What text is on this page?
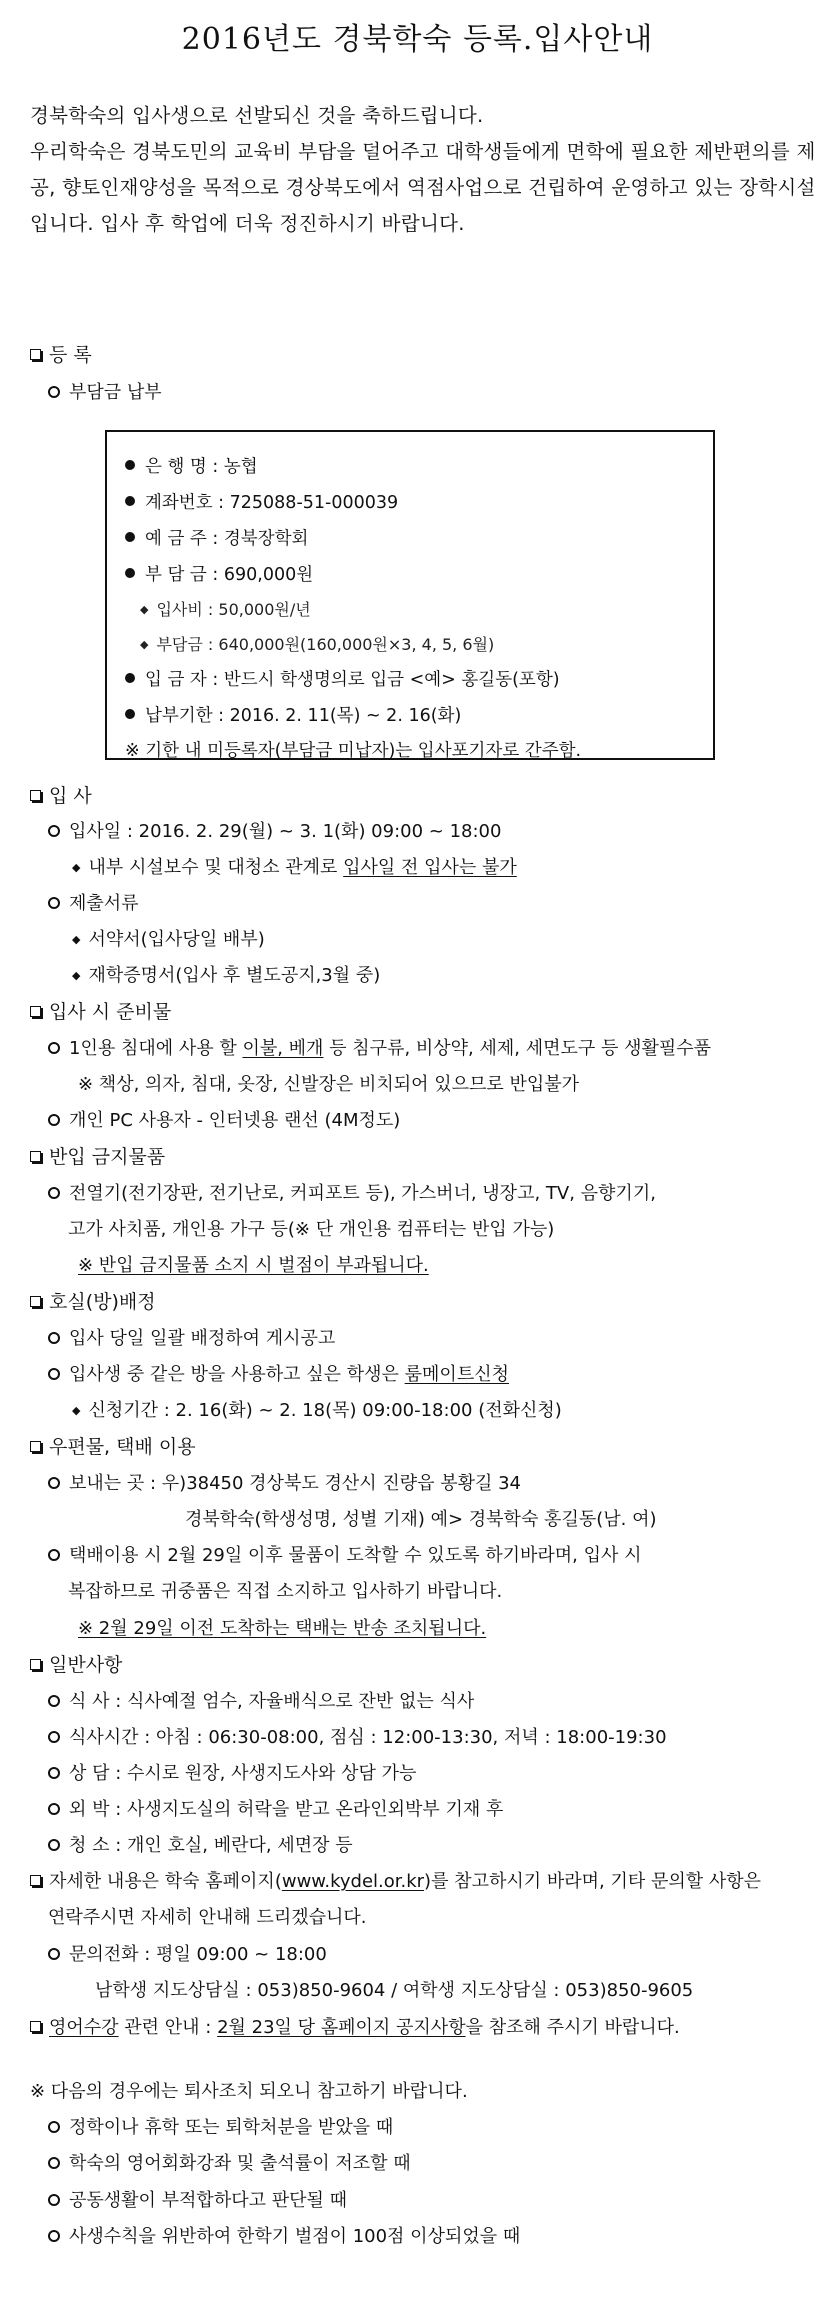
2016년도 경북학숙 등록.입사안내

경북학숙의 입사생으로 선발되신 것을 축하드립니다.

우리학숙은 경북도민의 교육비 부담을 덜어주고 대학생들에게 면학에 필요한 제반편의를 제공, 향토인재양성을 목적으로 경상북도에서 역점사업으로 건립하여 운영하고 있는 장학시설입니다. 입사 후 학업에 더욱 정진하시기 바랍니다.

등 록
부담금 납부
은 행 명 : 농협
계좌번호 : 725088-51-000039
예 금 주 : 경북장학회
부 담 금 : 690,000원
◆ 입사비 : 50,000원/년
◆ 부담금 : 640,000원(160,000원×3, 4, 5, 6월)
입 금 자 : 반드시 학생명의로 입금 <예> 홍길동(포항)
납부기한 : 2016. 2. 11(목) ~ 2. 16(화)
※ 기한 내 미등록자(부담금 미납자)는 입사포기자로 간주함.
입 사
입사일 : 2016. 2. 29(월) ~ 3. 1(화) 09:00 ~ 18:00
◆ 내부 시설보수 및 대청소 관계로 입사일 전 입사는 불가
제출서류
◆ 서약서(입사당일 배부)
◆ 재학증명서(입사 후 별도공지,3월 중)
입사 시 준비물
1인용 침대에 사용 할 이불, 베개 등 침구류, 비상약, 세제, 세면도구 등 생활필수품
※ 책상, 의자, 침대, 옷장, 신발장은 비치되어 있으므로 반입불가
개인 PC 사용자 - 인터넷용 랜선 (4M정도)
반입 금지물품
전열기(전기장판, 전기난로, 커피포트 등), 가스버너, 냉장고, TV, 음향기기,
고가 사치품, 개인용 가구 등(※ 단 개인용 컴퓨터는 반입 가능)
※ 반입 금지물품 소지 시 벌점이 부과됩니다.
호실(방)배정
입사 당일 일괄 배정하여 게시공고
입사생 중 같은 방을 사용하고 싶은 학생은 룸메이트신청
◆ 신청기간 : 2. 16(화) ~ 2. 18(목) 09:00-18:00 (전화신청)
우편물, 택배 이용
보내는 곳 : 우)38450 경상북도 경산시 진량읍 봉황길 34
경북학숙(학생성명, 성별 기재) 예> 경북학숙 홍길동(남. 여)
택배이용 시 2월 29일 이후 물품이 도착할 수 있도록 하기바라며, 입사 시
복잡하므로 귀중품은 직접 소지하고 입사하기 바랍니다.
※ 2월 29일 이전 도착하는 택배는 반송 조치됩니다.
일반사항
식 사 : 식사예절 엄수, 자율배식으로 잔반 없는 식사
식사시간 : 아침 : 06:30-08:00, 점심 : 12:00-13:30, 저녁 : 18:00-19:30
상 담 : 수시로 원장, 사생지도사와 상담 가능
외 박 : 사생지도실의 허락을 받고 온라인외박부 기재 후
청 소 : 개인 호실, 베란다, 세면장 등
자세한 내용은 학숙 홈페이지(www.kydel.or.kr)를 참고하시기 바라며, 기타 문의할 사항은
연락주시면 자세히 안내해 드리겠습니다.
문의전화 : 평일 09:00 ~ 18:00
남학생 지도상담실 : 053)850-9604 / 여학생 지도상담실 : 053)850-9605
영어수강 관련 안내 : 2월 23일 당 홈페이지 공지사항을 참조해 주시기 바랍니다.
※ 다음의 경우에는 퇴사조치 되오니 참고하기 바랍니다.
정학이나 휴학 또는 퇴학처분을 받았을 때
학숙의 영어회화강좌 및 출석률이 저조할 때
공동생활이 부적합하다고 판단될 때
사생수칙을 위반하여 한학기 벌점이 100점 이상되었을 때
